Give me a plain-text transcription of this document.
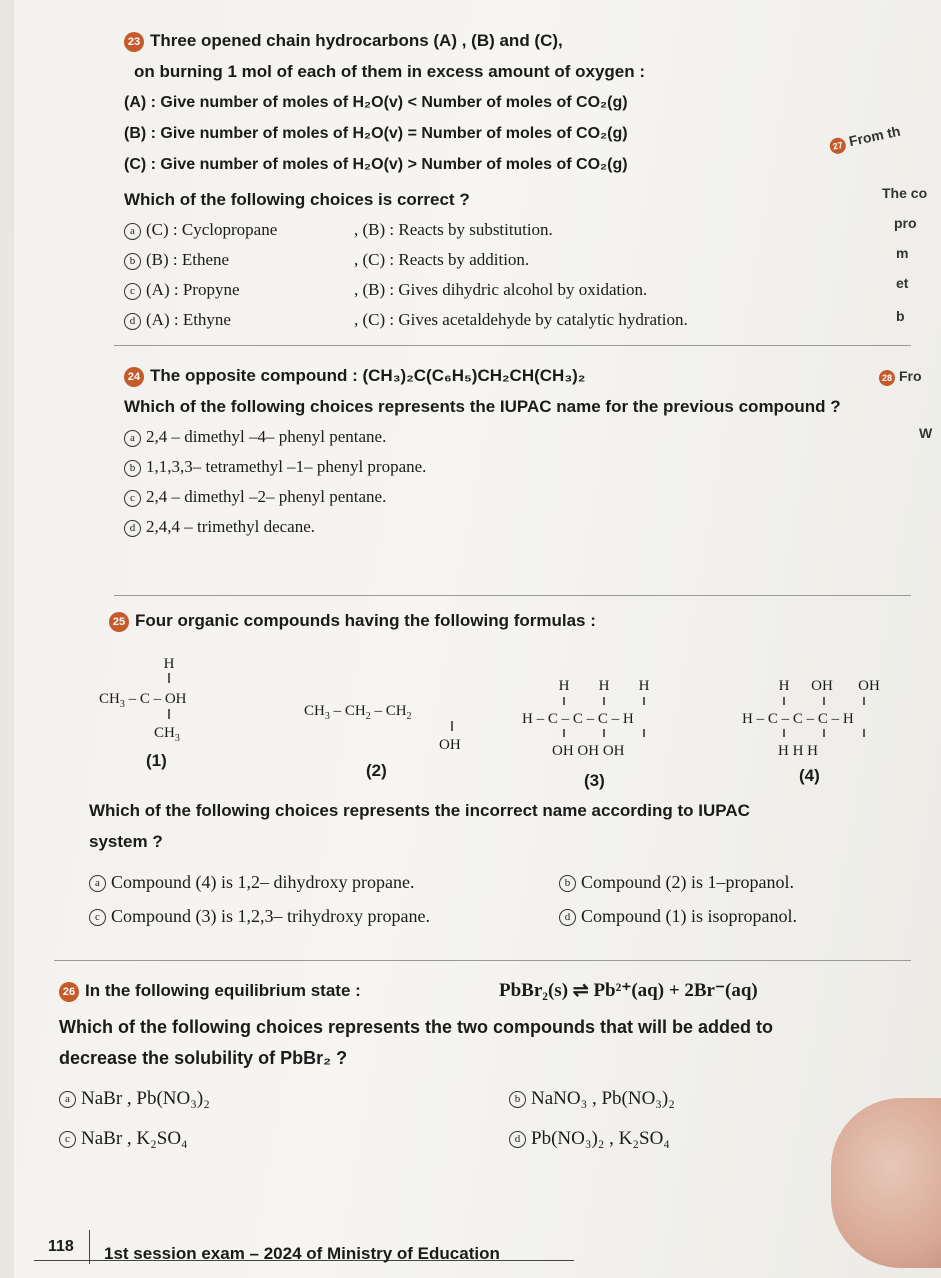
23 Three opened chain hydrocarbons (A) , (B) and (C),
on burning 1 mol of each of them in excess amount of oxygen :
(A) : Give number of moles of H₂O(v) < Number of moles of CO₂(g)
(B) : Give number of moles of H₂O(v) = Number of moles of CO₂(g)
(C) : Give number of moles of H₂O(v) > Number of moles of CO₂(g)
Which of the following choices is correct ?
a (C) : Cyclopropane	, (B) : Reacts by substitution.
b (B) : Ethene	, (C) : Reacts by addition.
c (A) : Propyne	, (B) : Gives dihydric alcohol by oxidation.
d (A) : Ethyne	, (C) : Gives acetaldehyde by catalytic hydration.
24 The opposite compound : (CH₃)₂C(C₆H₅)CH₂CH(CH₃)₂
Which of the following choices represents the IUPAC name for the previous compound ?
a 2,4 – dimethyl –4– phenyl pentane.
b 1,1,3,3– tetramethyl –1– phenyl propane.
c 2,4 – dimethyl –2– phenyl pentane.
d 2,4,4 – trimethyl decane.
25 Four organic compounds having the following formulas :
H
$CH_3$ – C – OH
$CH_3$
$CH_3 - CH_2 - CH_2$
OH
H H H
H – C – C – C – H
OH OH OH
H OH OH
H – C – C – C – H
H H H
(1)
(2)
(3)	(4)
Which of the following choices represents the incorrect name according to IUPAC
system ?
a Compound (4) is 1,2– dihydroxy propane.	b Compound (2) is 1–propanol.
c Compound (3) is 1,2,3– trihydroxy propane.	d Compound (1) is isopropanol.
26 In the following equilibrium state :	PbBr₂(s) ⇌ Pb²⁺(aq) + 2Br⁻(aq)
Which of the following choices represents the two compounds that will be added to
decrease the solubility of PbBr₂ ?
a NaBr , Pb(NO₃)₂	b NaNO₃ , Pb(NO₃)₂
c NaBr , K₂SO₄	d Pb(NO₃)₂ , K₂SO₄
27 From th
The co
pro
m
et
b
28 Fro
W
118 1st session exam – 2024 of Ministry of Education
